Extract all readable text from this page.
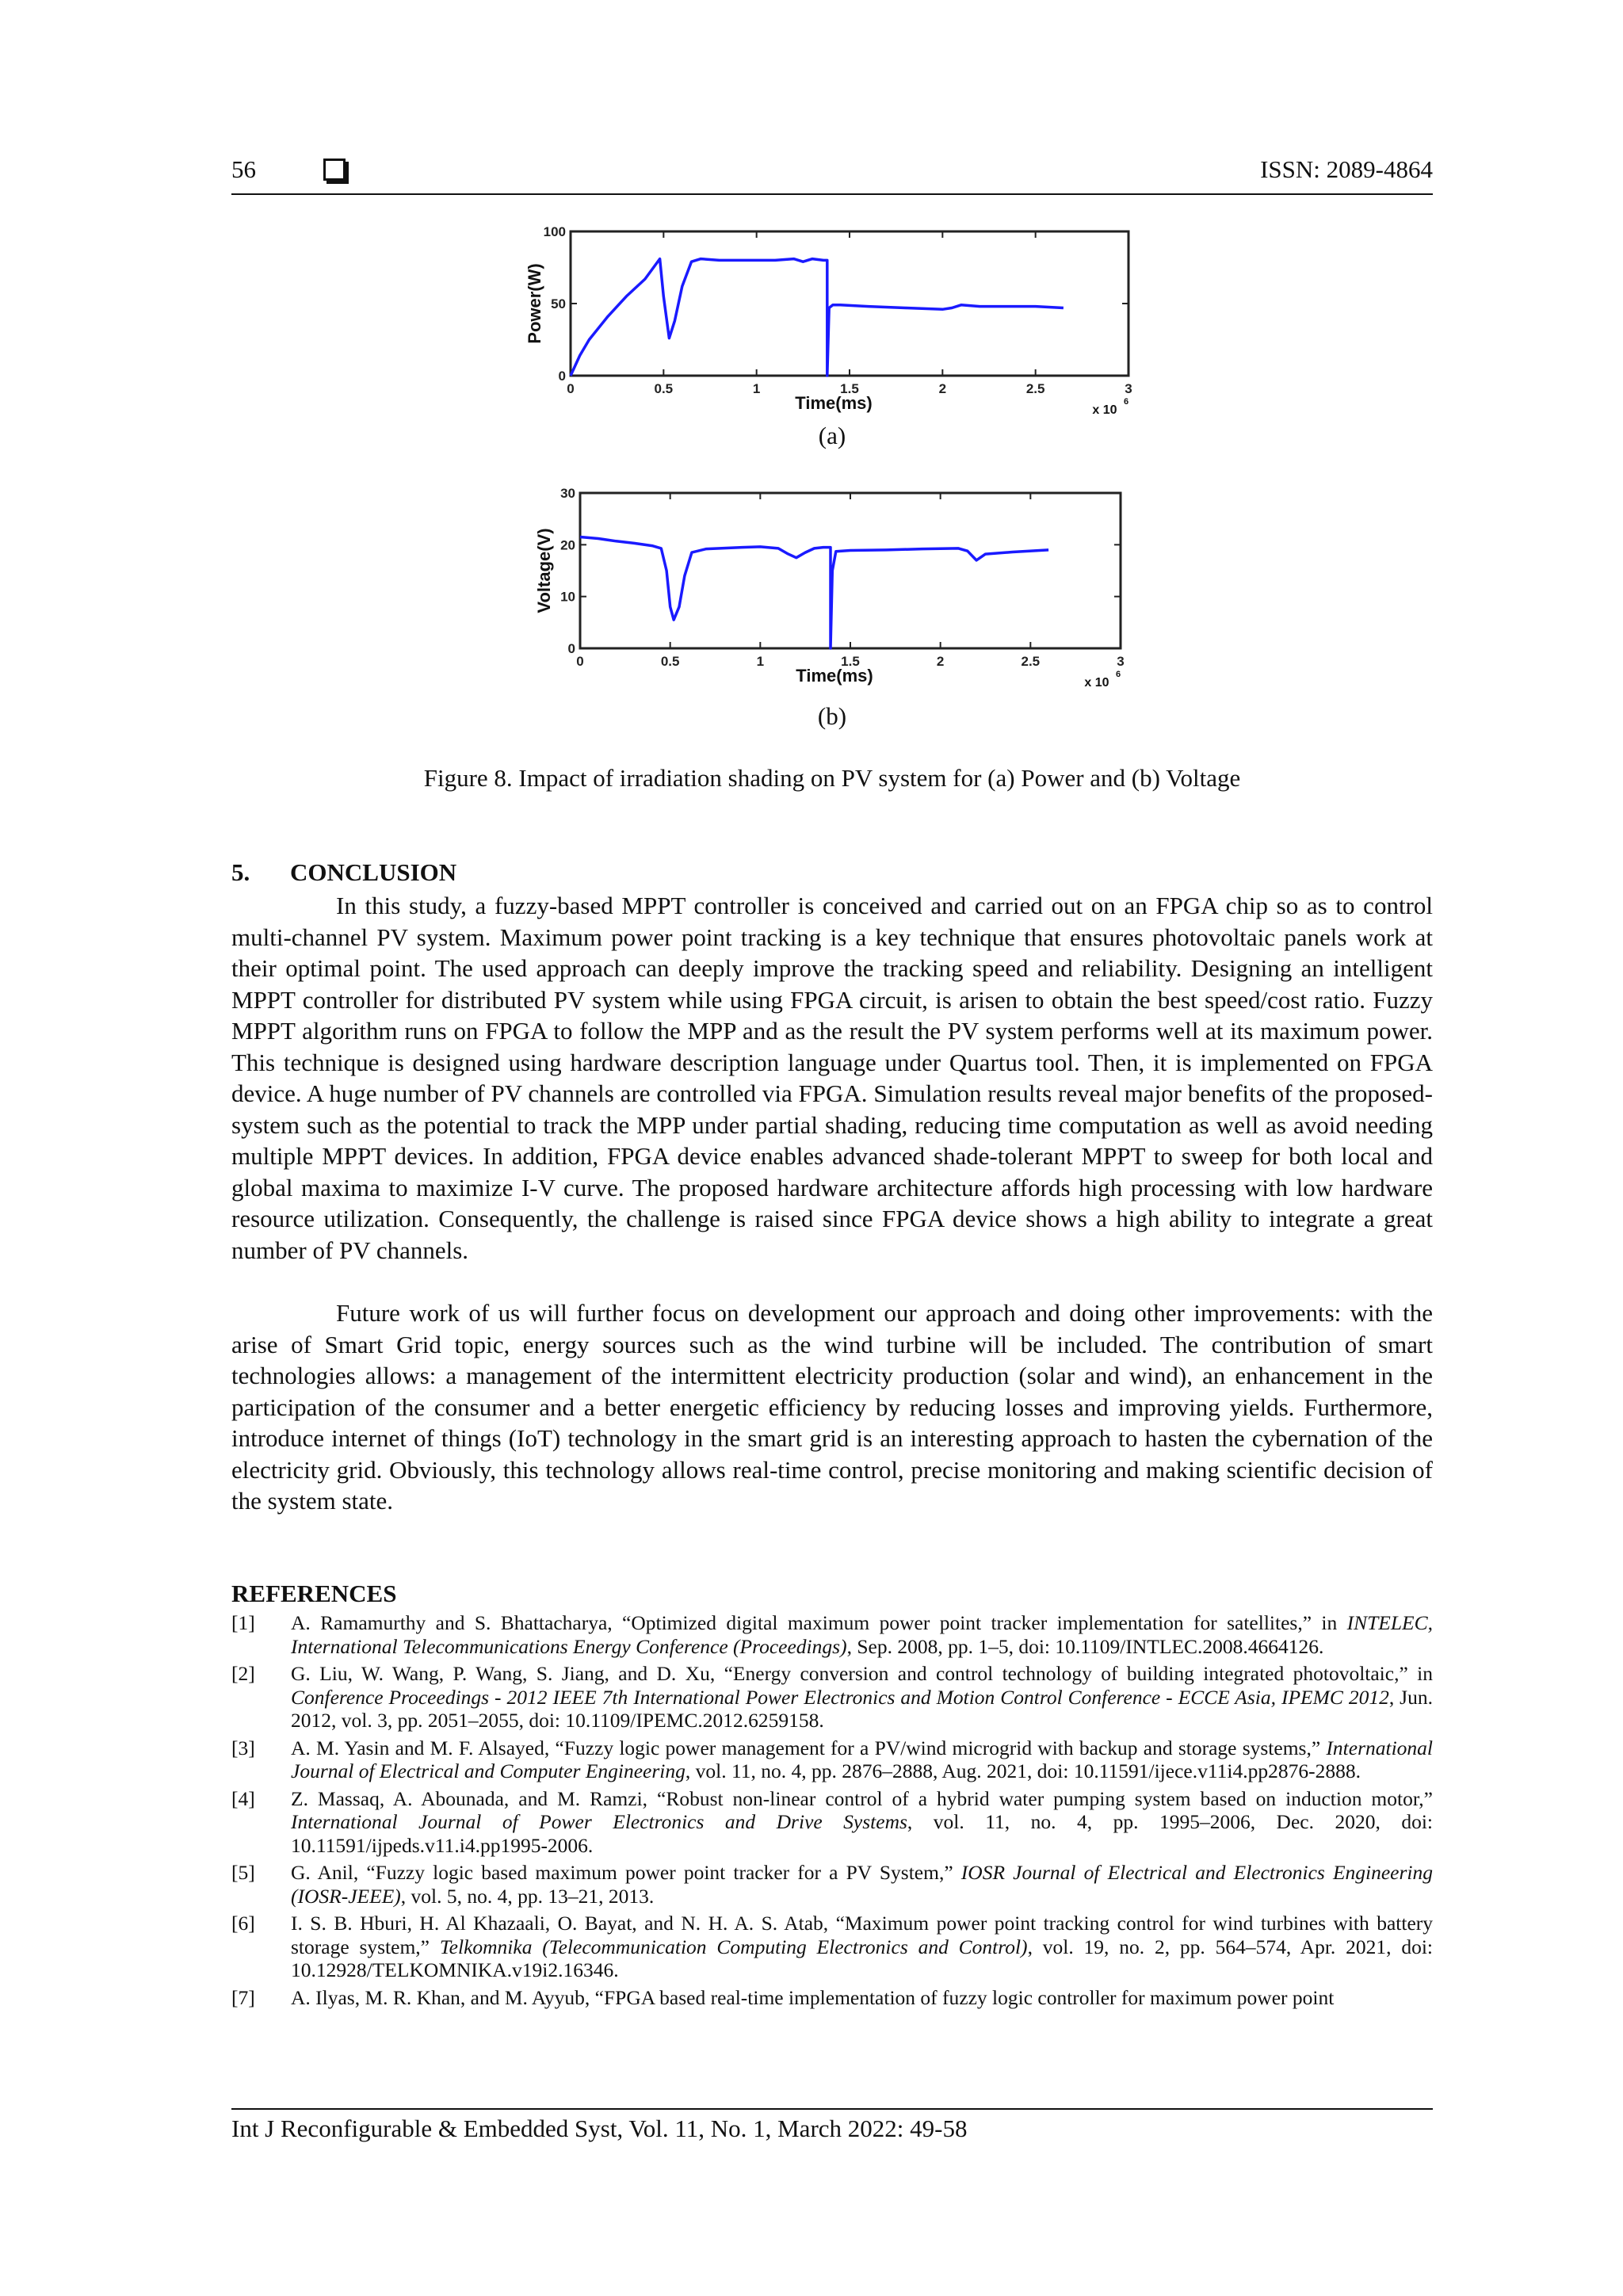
56	ISSN: 2089-4864
0	0.5	1	1.5	2	2.5	3
0
50
100
Time(ms)
Power(W)
x 10
6
(a)
0	0.5	1	1.5	2	2.5	3
0
10
20
30
Time(ms)
Voltage(V)
x 10
6
(b)
Figure 8. Impact of irradiation shading on PV system for (a) Power and (b) Voltage
5. CONCLUSION

In this study, a fuzzy-based MPPT controller is conceived and carried out on an FPGA chip so as to control multi-channel PV system. Maximum power point tracking is a key technique that ensures photovoltaic panels work at their optimal point. The used approach can deeply improve the tracking speed and reliability. Designing an intelligent MPPT controller for distributed PV system while using FPGA circuit, is arisen to obtain the best speed/cost ratio. Fuzzy MPPT algorithm runs on FPGA to follow the MPP and as the result the PV system performs well at its maximum power. This technique is designed using hardware description language under Quartus tool. Then, it is implemented on FPGA device. A huge number of PV channels are controlled via FPGA. Simulation results reveal major benefits of the proposed-system such as the potential to track the MPP under partial shading, reducing time computation as well as avoid needing multiple MPPT devices. In addition, FPGA device enables advanced shade-tolerant MPPT to sweep for both local and global maxima to maximize I-V curve. The proposed hardware architecture affords high processing with low hardware resource utilization. Consequently, the challenge is raised since FPGA device shows a high ability to integrate a great number of PV channels.

Future work of us will further focus on development our approach and doing other improvements: with the arise of Smart Grid topic, energy sources such as the wind turbine will be included. The contribution of smart technologies allows: a management of the intermittent electricity production (solar and wind), an enhancement in the participation of the consumer and a better energetic efficiency by reducing losses and improving yields. Furthermore, introduce internet of things (IoT) technology in the smart grid is an interesting approach to hasten the cybernation of the electricity grid. Obviously, this technology allows real-time control, precise monitoring and making scientific decision of the system state.

REFERENCES
[1] A. Ramamurthy and S. Bhattacharya, “Optimized digital maximum power point tracker implementation for satellites,” in INTELEC, International Telecommunications Energy Conference (Proceedings), Sep. 2008, pp. 1–5, doi: 10.1109/INTLEC.2008.4664126.
[2] G. Liu, W. Wang, P. Wang, S. Jiang, and D. Xu, “Energy conversion and control technology of building integrated photovoltaic,” in Conference Proceedings - 2012 IEEE 7th International Power Electronics and Motion Control Conference - ECCE Asia, IPEMC 2012, Jun. 2012, vol. 3, pp. 2051–2055, doi: 10.1109/IPEMC.2012.6259158.
[3] A. M. Yasin and M. F. Alsayed, “Fuzzy logic power management for a PV/wind microgrid with backup and storage systems,” International Journal of Electrical and Computer Engineering, vol. 11, no. 4, pp. 2876–2888, Aug. 2021, doi: 10.11591/ijece.v11i4.pp2876-2888.
[4] Z. Massaq, A. Abounada, and M. Ramzi, “Robust non-linear control of a hybrid water pumping system based on induction motor,” International Journal of Power Electronics and Drive Systems, vol. 11, no. 4, pp. 1995–2006, Dec. 2020, doi: 10.11591/ijpeds.v11.i4.pp1995-2006.
[5] G. Anil, “Fuzzy logic based maximum power point tracker for a PV System,” IOSR Journal of Electrical and Electronics Engineering (IOSR-JEEE), vol. 5, no. 4, pp. 13–21, 2013.
[6] I. S. B. Hburi, H. Al Khazaali, O. Bayat, and N. H. A. S. Atab, “Maximum power point tracking control for wind turbines with battery storage system,” Telkomnika (Telecommunication Computing Electronics and Control), vol. 19, no. 2, pp. 564–574, Apr. 2021, doi: 10.12928/TELKOMNIKA.v19i2.16346.
[7] A. Ilyas, M. R. Khan, and M. Ayyub, “FPGA based real-time implementation of fuzzy logic controller for maximum power point
Int J Reconfigurable & Embedded Syst, Vol. 11, No. 1, March 2022: 49-58
